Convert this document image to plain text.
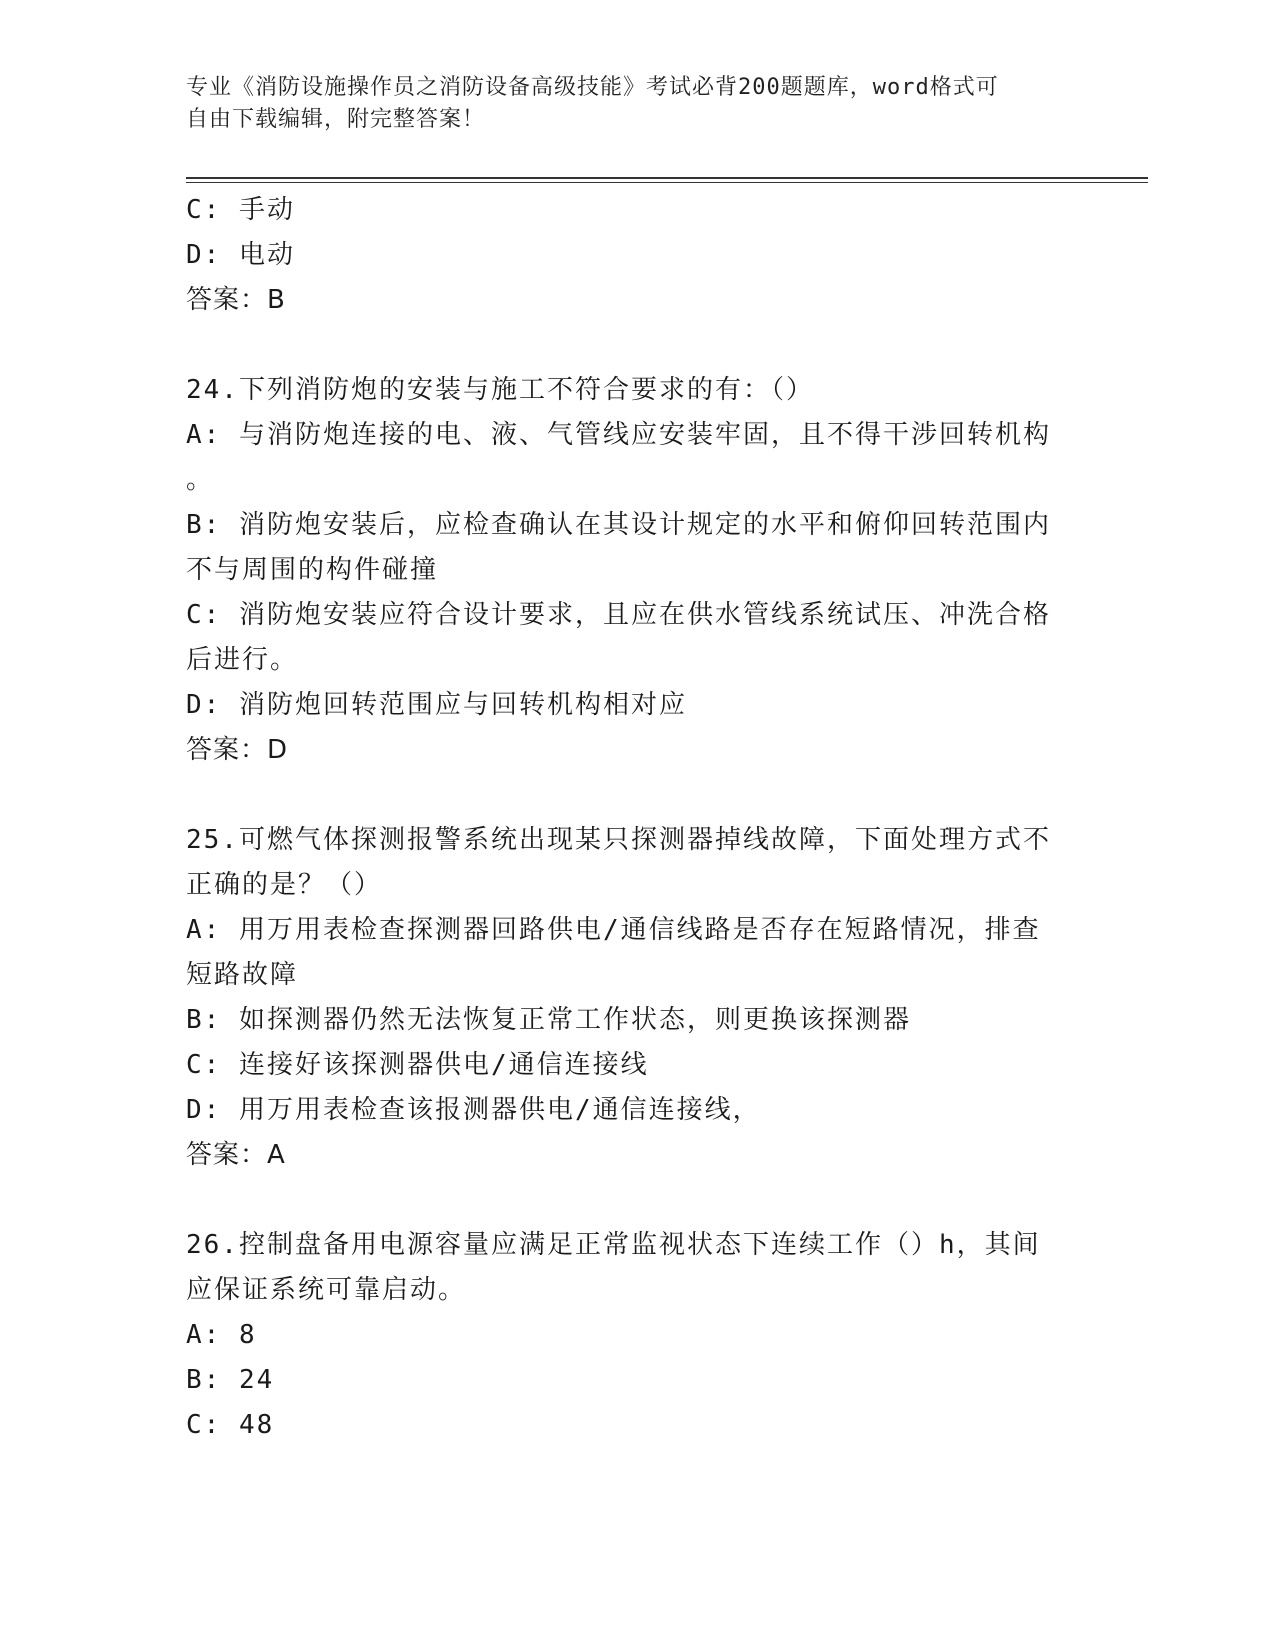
专业《消防设施操作员之消防设备高级技能》考试必背200题题库，word格式可
自由下载编辑，附完整答案！
C: 手动
D: 电动
答案：B
24.下列消防炮的安装与施工不符合要求的有：（）
A: 与消防炮连接的电、液、气管线应安装牢固，且不得干涉回转机构
。
B: 消防炮安装后，应检查确认在其设计规定的水平和俯仰回转范围内
不与周围的构件碰撞
C: 消防炮安装应符合设计要求，且应在供水管线系统试压、冲洗合格
后进行。
D: 消防炮回转范围应与回转机构相对应
答案：D
25.可燃气体探测报警系统出现某只探测器掉线故障，下面处理方式不
正确的是？（）
A: 用万用表检查探测器回路供电/通信线路是否存在短路情况，排查
短路故障
B: 如探测器仍然无法恢复正常工作状态，则更换该探测器
C: 连接好该探测器供电/通信连接线
D: 用万用表检查该报测器供电/通信连接线，
答案：A
26.控制盘备用电源容量应满足正常监视状态下连续工作（）h，其间
应保证系统可靠启动。
A: 8
B: 24
C: 48
